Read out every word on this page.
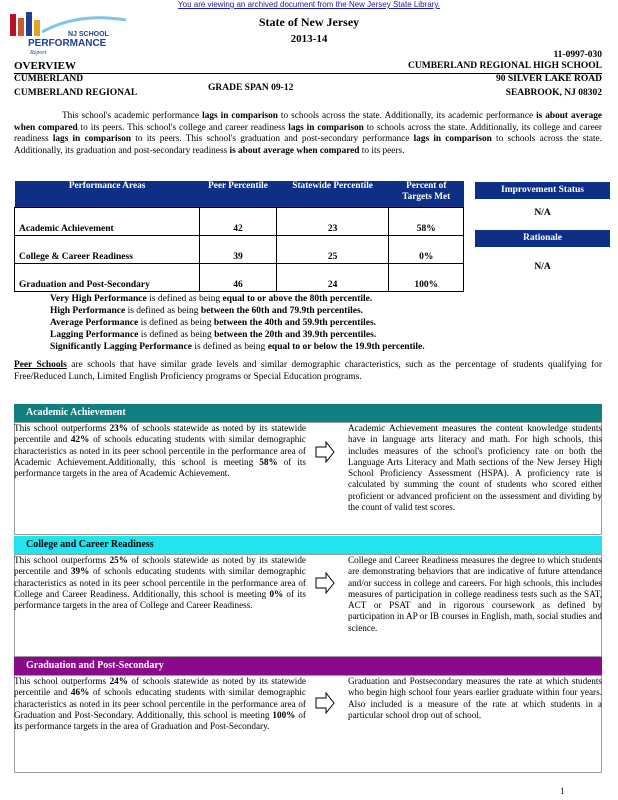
You are viewing an archived document from the New Jersey State Library.
NJ SCHOOL
PERFORMANCE
Report
State of New Jersey
2013-14
11-0997-030
OVERVIEW
CUMBERLAND
CUMBERLAND REGIONAL	GRADE SPAN 09-12
CUMBERLAND REGIONAL HIGH SCHOOL
90 SILVER LAKE ROAD
SEABROOK, NJ 08302
This school's academic performance lags in comparison to schools across the state. Additionally, its academic performance is about average when compared to its peers. This school's college and career readiness lags in comparison to schools across the state. Additionally, its college and career readiness lags in comparison to its peers. This school's graduation and post-secondary performance lags in comparison to schools across the state. Additionally, its graduation and post-secondary readiness is about average when compared to its peers.
Performance Areas	Peer Percentile	Statewide Percentile	Percent of Targets Met
Academic Achievement	42	23	58%
College & Career Readiness	39	25	0%
Graduation and Post-Secondary	46	24	100%
Improvement Status
N/A
Rationale
N/A
Very High Performance is defined as being equal to or above the 80th percentile.
High Performance is defined as being between the 60th and 79.9th percentiles.
Average Performance is defined as being between the 40th and 59.9th percentiles.
Lagging Performance is defined as being between the 20th and 39.9th percentiles.
Significantly Lagging Performance is defined as being equal to or below the 19.9th percentile.
Peer Schools are schools that have similar grade levels and similar demographic characteristics, such as the percentage of students qualifying for Free/Reduced Lunch, Limited English Proficiency programs or Special Education programs.
Academic Achievement
This school outperforms 23% of schools statewide as noted by its statewide percentile and 42% of schools educating students with similar demographic characteristics as noted in its peer school percentile in the performance area of Academic Achievement.Additionally, this school is meeting 58% of its performance targets in the area of Academic Achievement.
Academic Achievement measures the content knowledge students have in language arts literacy and math. For high schools, this includes measures of the school's proficiency rate on both the Language Arts Literacy and Math sections of the New Jersey High School Proficiency Assessment (HSPA). A proficiency rate is calculated by summing the count of students who scored either proficient or advanced proficient on the assessment and dividing by the count of valid test scores.
College and Career Readiness
This school outperforms 25% of schools statewide as noted by its statewide percentile and 39% of schools educating students with similar demographic characteristics as noted in its peer school percentile in the performance area of College and Career Readiness. Additionally, this school is meeting 0% of its performance targets in the area of College and Career Readiness.
College and Career Readiness measures the degree to which students are demonstrating behaviors that are indicative of future attendance and/or success in college and careers. For high schools, this includes measures of participation in college readiness tests such as the SAT, ACT or PSAT and in rigorous coursework as defined by participation in AP or IB courses in English, math, social studies and science.
Graduation and Post-Secondary
This school outperforms 24% of schools statewide as noted by its statewide percentile and 46% of schools educating students with similar demographic characteristics as noted in its peer school percentile in the performance area of Graduation and Post-Secondary. Additionally, this school is meeting 100% of its performance targets in the area of Graduation and Post-Secondary.
Graduation and Postsecondary measures the rate at which students who begin high school four years earlier graduate within four years. Also included is a measure of the rate at which students in a particular school drop out of school.
1
